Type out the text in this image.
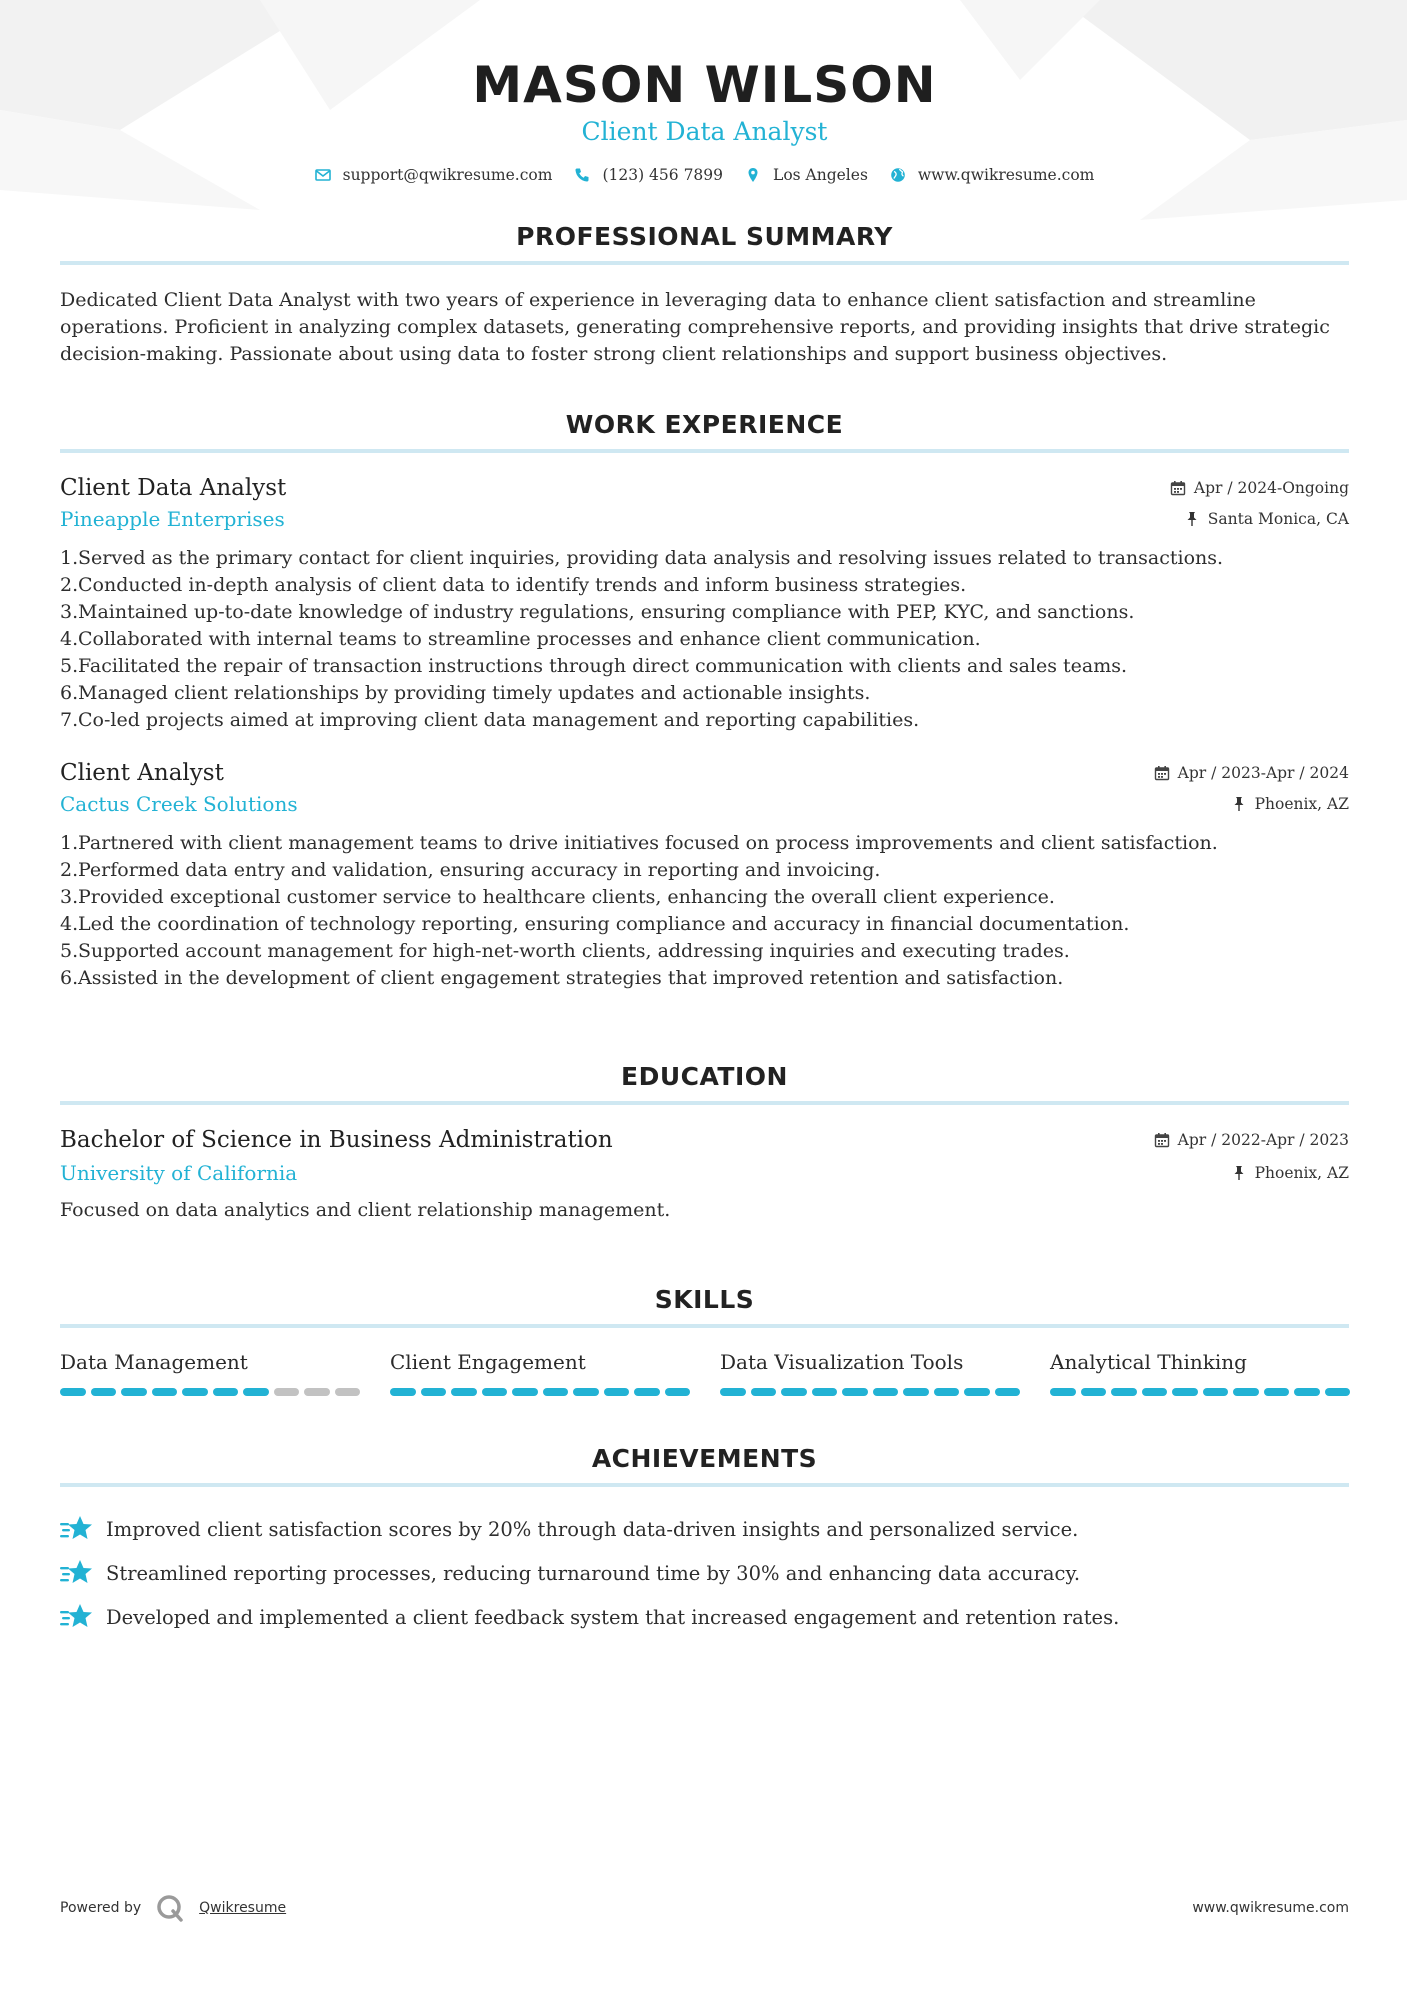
MASON WILSON
Client Data Analyst
support@qwikresume.com	(123) 456 7899	Los Angeles	www.qwikresume.com
PROFESSIONAL SUMMARY
Dedicated Client Data Analyst with two years of experience in leveraging data to enhance client satisfaction and streamline operations. Proficient in analyzing complex datasets, generating comprehensive reports, and providing insights that drive strategic decision-making. Passionate about using data to foster strong client relationships and support business objectives.
WORK EXPERIENCE
Client Data Analyst	Apr / 2024-Ongoing
Pineapple Enterprises	Santa Monica, CA
1. Served as the primary contact for client inquiries, providing data analysis and resolving issues related to transactions.
2. Conducted in-depth analysis of client data to identify trends and inform business strategies.
3. Maintained up-to-date knowledge of industry regulations, ensuring compliance with PEP, KYC, and sanctions.
4. Collaborated with internal teams to streamline processes and enhance client communication.
5. Facilitated the repair of transaction instructions through direct communication with clients and sales teams.
6. Managed client relationships by providing timely updates and actionable insights.
7. Co-led projects aimed at improving client data management and reporting capabilities.
Client Analyst	Apr / 2023-Apr / 2024
Cactus Creek Solutions	Phoenix, AZ
1. Partnered with client management teams to drive initiatives focused on process improvements and client satisfaction.
2. Performed data entry and validation, ensuring accuracy in reporting and invoicing.
3. Provided exceptional customer service to healthcare clients, enhancing the overall client experience.
4. Led the coordination of technology reporting, ensuring compliance and accuracy in financial documentation.
5. Supported account management for high-net-worth clients, addressing inquiries and executing trades.
6. Assisted in the development of client engagement strategies that improved retention and satisfaction.
EDUCATION
Bachelor of Science in Business Administration	Apr / 2022-Apr / 2023
University of California	Phoenix, AZ
Focused on data analytics and client relationship management.
SKILLS
Data Management	Client Engagement	Data Visualization Tools	Analytical Thinking
ACHIEVEMENTS
Improved client satisfaction scores by 20% through data-driven insights and personalized service.
Streamlined reporting processes, reducing turnaround time by 30% and enhancing data accuracy.
Developed and implemented a client feedback system that increased engagement and retention rates.
Powered by	Qwikresume	www.qwikresume.com
